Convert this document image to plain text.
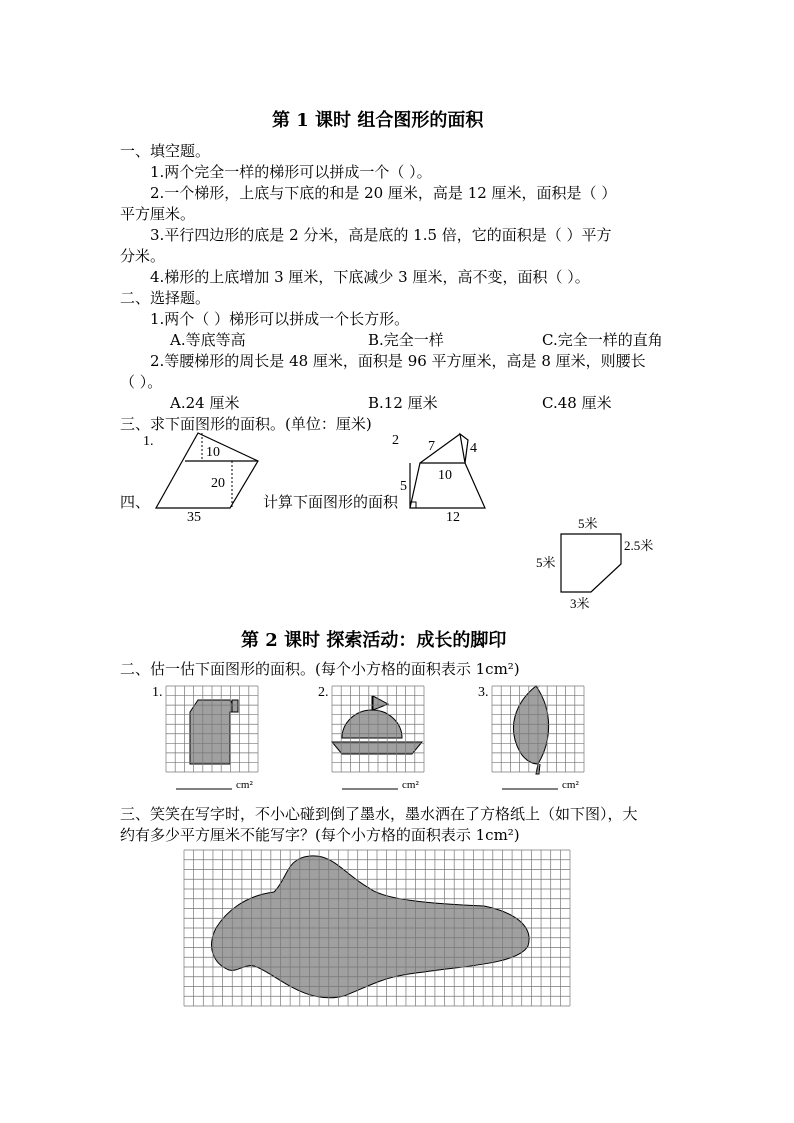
第 1 课时 组合图形的面积
一、填空题。
1.两个完全一样的梯形可以拼成一个（ ）。
2.一个梯形，上底与下底的和是 20 厘米，高是 12 厘米，面积是（ ）
平方厘米。
3.平行四边形的底是 2 分米，高是底的 1.5 倍，它的面积是（ ）平方
分米。
4.梯形的上底增加 3 厘米，下底减少 3 厘米，高不变，面积（ ）。
二、选择题。
1.两个（ ）梯形可以拼成一个长方形。
A.等底等高	B.完全一样	C.完全一样的直角
2.等腰梯形的周长是 48 厘米，面积是 96 平方厘米，高是 8 厘米，则腰长
（ ）。
A.24 厘米	B.12 厘米	C.48 厘米
三、求下面图形的面积。(单位：厘米)
1.
10
20
35
2 7	4
10
5
12
四、	计算下面图形的面积
5米
2.5米
5米
3米
第 2 课时 探索活动：成长的脚印
二、估一估下面图形的面积。(每个小方格的面积表示 1cm²)
1.
cm²
2.
cm²
3.
cm²
三、笑笑在写字时，不小心碰到倒了墨水，墨水洒在了方格纸上（如下图），大
约有多少平方厘米不能写字？(每个小方格的面积表示 1cm²)
